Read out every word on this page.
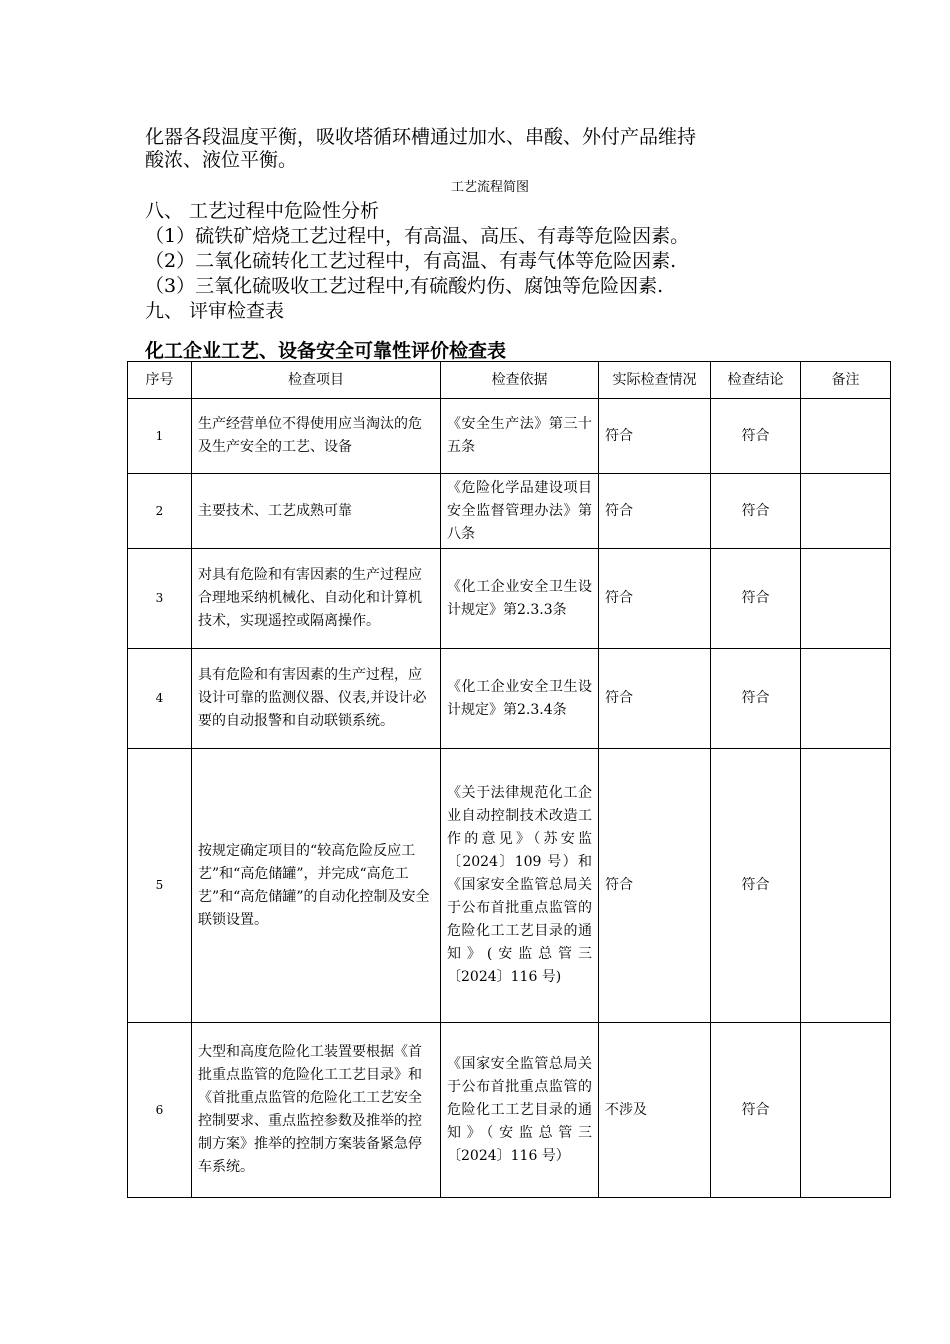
化器各段温度平衡，吸收塔循环槽通过加水、串酸、外付产品维持
酸浓、液位平衡。
工艺流程简图
八、 工艺过程中危险性分析
（1）硫铁矿焙烧工艺过程中，有高温、高压、有毒等危险因素。
（2）二氧化硫转化工艺过程中，有高温、有毒气体等危险因素.
（3）三氧化硫吸收工艺过程中,有硫酸灼伤、腐蚀等危险因素.
九、 评审检查表
化工企业工艺、设备安全可靠性评价检查表
序号	检查项目	检查依据	实际检查情况	检查结论	备注
1	生产经营单位不得使用应当淘汰的危及生产安全的工艺、设备	《安全生产法》第三十五条	符合	符合	
2	主要技术、工艺成熟可靠	《危险化学品建设项目安全监督管理办法》第八条	符合	符合	
3	对具有危险和有害因素的生产过程应合理地采纳机械化、自动化和计算机技术，实现遥控或隔离操作。	《化工企业安全卫生设计规定》第2.3.3条	符合	符合	
4	具有危险和有害因素的生产过程，应设计可靠的监测仪器、仪表,并设计必要的自动报警和自动联锁系统。	《化工企业安全卫生设计规定》第2.3.4条	符合	符合	
5	按规定确定项目的“较高危险反应工艺”和“高危储罐”，并完成“高危工艺”和“高危储罐”的自动化控制及安全联锁设置。	《关于法律规范化工企业自动控制技术改造工作的意见》（苏安监〔2024〕109 号）和《国家安全监管总局关于公布首批重点监管的危险化工工艺目录的通知》(安监总管三〔2024〕116 号)	符合	符合	
6	大型和高度危险化工装置要根据《首批重点监管的危险化工工艺目录》和《首批重点监管的危险化工工艺安全控制要求、重点监控参数及推举的控制方案》推举的控制方案装备紧急停车系统。	《国家安全监管总局关于公布首批重点监管的危险化工工艺目录的通知》（安监总管三〔2024〕116 号）	不涉及	符合	
